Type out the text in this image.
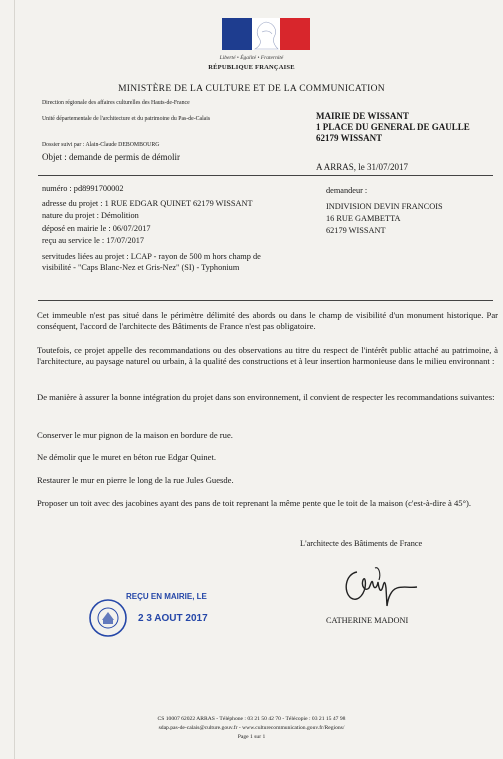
Liberté • Égalité • Fraternité
RÉPUBLIQUE FRANÇAISE
MINISTÈRE DE LA CULTURE ET DE LA COMMUNICATION
Direction régionale des affaires culturelles des Hauts-de-France
Unité départementale de l'architecture et du patrimoine du Pas-de-Calais
Dossier suivi par : Alain-Claude DEBOMBOURG
Objet : demande de permis de démolir
MAIRIE DE WISSANT
1 PLACE DU GENERAL DE GAULLE
62179 WISSANT
A ARRAS, le 31/07/2017
numéro : pd8991700002
adresse du projet : 1 RUE EDGAR QUINET 62179 WISSANT
nature du projet : Démolition
déposé en mairie le : 06/07/2017
reçu au service le : 17/07/2017
servitudes liées au projet : LCAP - rayon de 500 m hors champ de
visibilité - "Caps Blanc-Nez et Gris-Nez" (SI) - Typhonium
demandeur :
INDIVISION DEVIN FRANCOIS
16 RUE GAMBETTA
62179 WISSANT
Cet immeuble n'est pas situé dans le périmètre délimité des abords ou dans le champ de visibilité d'un monument historique. Par conséquent, l'accord de l'architecte des Bâtiments de France n'est pas obligatoire.
Toutefois, ce projet appelle des recommandations ou des observations au titre du respect de l'intérêt public attaché au patrimoine, à l'architecture, au paysage naturel ou urbain, à la qualité des constructions et à leur insertion harmonieuse dans le milieu environnant :
De manière à assurer la bonne intégration du projet dans son environnement, il convient de respecter les recommandations suivantes:
Conserver le mur pignon de la maison en bordure de rue.
Ne démolir que le muret en béton rue Edgar Quinet.
Restaurer le mur en pierre le long de la rue Jules Guesde.
Proposer un toit avec des jacobines ayant des pans de toit reprenant la même pente que le toit de la maison (c'est-à-dire à 45°).
L'architecte des Bâtiments de France
CATHERINE MADONI
REÇU EN MAIRIE, LE
2 3 AOUT 2017
CS 10007 62022 ARRAS - Téléphone : 03 21 50 42 70 - Télécopie : 03 21 15 47 98
sdap.pas-de-calais@culture.gouv.fr - www.culturecommunication.gouv.fr/Regions/
Page 1 sur 1
